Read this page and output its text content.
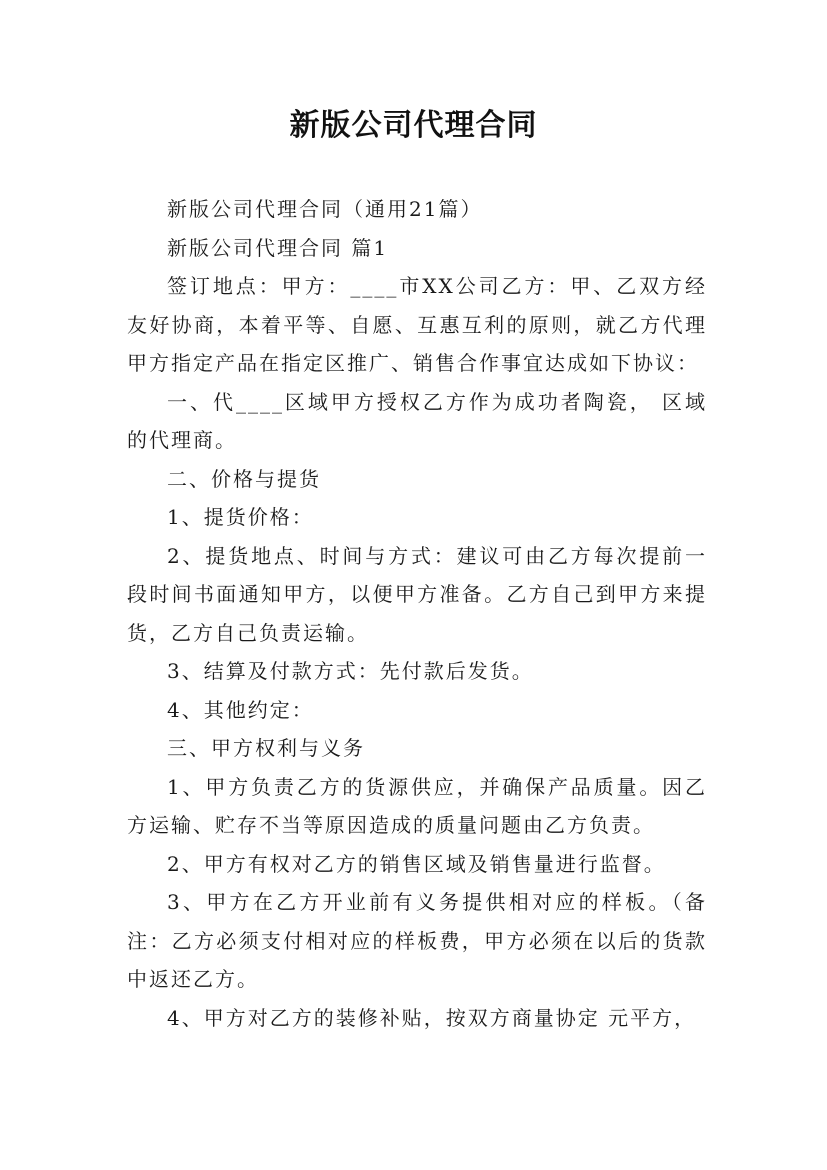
新版公司代理合同

新版公司代理合同（通用21篇）

新版公司代理合同 篇1

签订地点：甲方：____市XX公司乙方：甲、乙双方经友好协商，本着平等、自愿、互惠互利的原则，就乙方代理甲方指定产品在指定区推广、销售合作事宜达成如下协议：

一、代____区域甲方授权乙方作为成功者陶瓷， 区域的代理商。

二、价格与提货

1、提货价格：

2、提货地点、时间与方式：建议可由乙方每次提前一段时间书面通知甲方，以便甲方准备。乙方自己到甲方来提货，乙方自己负责运输。

3、结算及付款方式：先付款后发货。

4、其他约定：

三、甲方权利与义务

1、甲方负责乙方的货源供应，并确保产品质量。因乙方运输、贮存不当等原因造成的质量问题由乙方负责。

2、甲方有权对乙方的销售区域及销售量进行监督。

3、甲方在乙方开业前有义务提供相对应的样板。（备注：乙方必须支付相对应的样板费，甲方必须在以后的货款中返还乙方。

4、甲方对乙方的装修补贴，按双方商量协定 元平方，
